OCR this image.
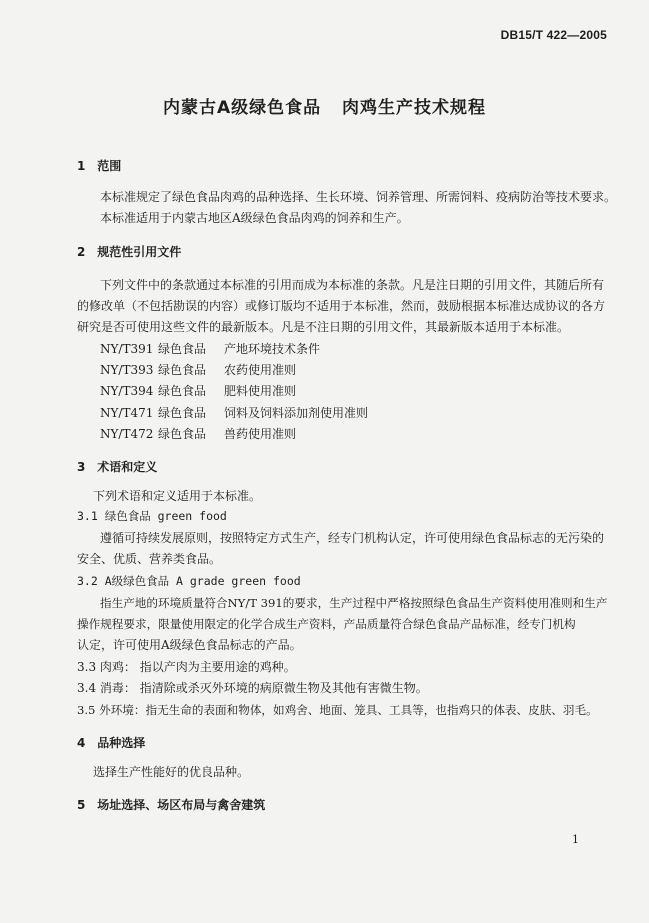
DB15/T 422—2005
内蒙古A级绿色食品 肉鸡生产技术规程
1 范围
本标准规定了绿色食品肉鸡的品种选择、生长环境、饲养管理、所需饲料、疫病防治等技术要求。
本标准适用于内蒙古地区A级绿色食品肉鸡的饲养和生产。
2 规范性引用文件
下列文件中的条款通过本标准的引用而成为本标准的条款。凡是注日期的引用文件，其随后所有
的修改单（不包括勘误的内容）或修订版均不适用于本标准，然而，鼓励根据本标准达成协议的各方
研究是否可使用这些文件的最新版本。凡是不注日期的引用文件，其最新版本适用于本标准。
NY/T391 绿色食品 产地环境技术条件
NY/T393 绿色食品 农药使用准则
NY/T394 绿色食品 肥料使用准则
NY/T471 绿色食品 饲料及饲料添加剂使用准则
NY/T472 绿色食品 兽药使用准则
3 术语和定义
下列术语和定义适用于本标准。
3.1 绿色食品 green food
遵循可持续发展原则，按照特定方式生产，经专门机构认定，许可使用绿色食品标志的无污染的
安全、优质、营养类食品。
3.2 A级绿色食品 A grade green food
指生产地的环境质量符合NY/T 391的要求，生产过程中严格按照绿色食品生产资料使用准则和生产
操作规程要求，限量使用限定的化学合成生产资料，产品质量符合绿色食品产品标准，经专门机构
认定，许可使用A级绿色食品标志的产品。
3.3 肉鸡： 指以产肉为主要用途的鸡种。
3.4 消毒： 指清除或杀灭外环境的病原微生物及其他有害微生物。
3.5 外环境：指无生命的表面和物体，如鸡舍、地面、笼具、工具等，也指鸡只的体表、皮肤、羽毛。
4 品种选择
选择生产性能好的优良品种。
5 场址选择、场区布局与禽舍建筑
1
